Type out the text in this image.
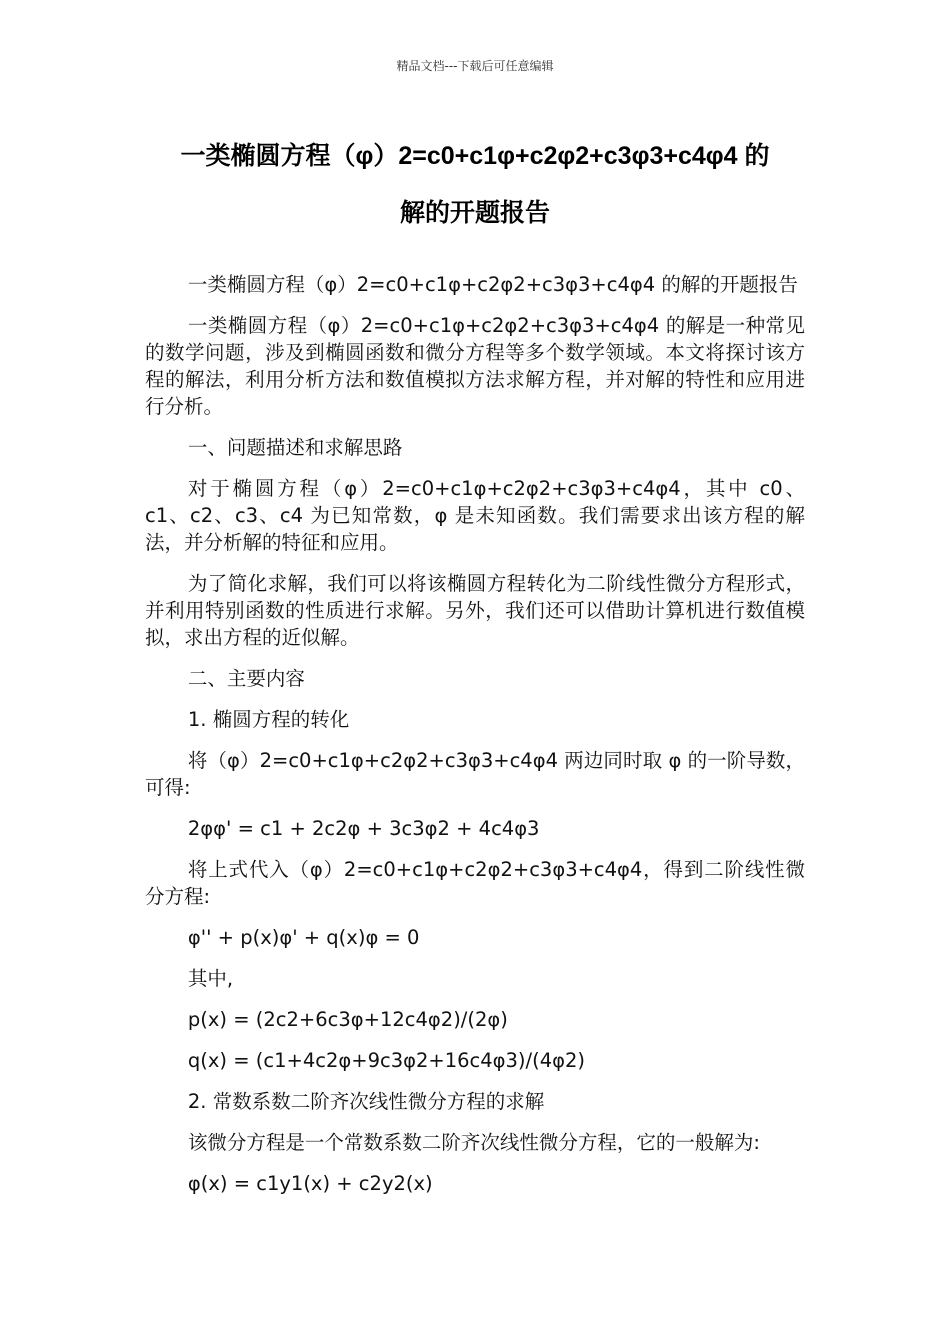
精品文档---下载后可任意编辑
一类椭圆方程（φ）2=c0+c1φ+c2φ2+c3φ3+c4φ4 的
解的开题报告

一类椭圆方程（φ）2=c0+c1φ+c2φ2+c3φ3+c4φ4 的解的开题报告

一类椭圆方程（φ）2=c0+c1φ+c2φ2+c3φ3+c4φ4 的解是一种常见的数学问题，涉及到椭圆函数和微分方程等多个数学领域。本文将探讨该方程的解法，利用分析方法和数值模拟方法求解方程，并对解的特性和应用进行分析。

一、问题描述和求解思路

对于椭圆方程（φ）2=c0+c1φ+c2φ2+c3φ3+c4φ4，其中 c0、c1、c2、c3、c4 为已知常数，φ 是未知函数。我们需要求出该方程的解法，并分析解的特征和应用。

为了简化求解，我们可以将该椭圆方程转化为二阶线性微分方程形式，并利用特别函数的性质进行求解。另外，我们还可以借助计算机进行数值模拟，求出方程的近似解。

二、主要内容

1. 椭圆方程的转化

将（φ）2=c0+c1φ+c2φ2+c3φ3+c4φ4 两边同时取 φ 的一阶导数，可得:

2φφ' = c1 + 2c2φ + 3c3φ2 + 4c4φ3

将上式代入（φ）2=c0+c1φ+c2φ2+c3φ3+c4φ4，得到二阶线性微分方程:

φ'' + p(x)φ' + q(x)φ = 0

其中,

p(x) = (2c2+6c3φ+12c4φ2)/(2φ)

q(x) = (c1+4c2φ+9c3φ2+16c4φ3)/(4φ2)

2. 常数系数二阶齐次线性微分方程的求解

该微分方程是一个常数系数二阶齐次线性微分方程，它的一般解为:

φ(x) = c1y1(x) + c2y2(x)
